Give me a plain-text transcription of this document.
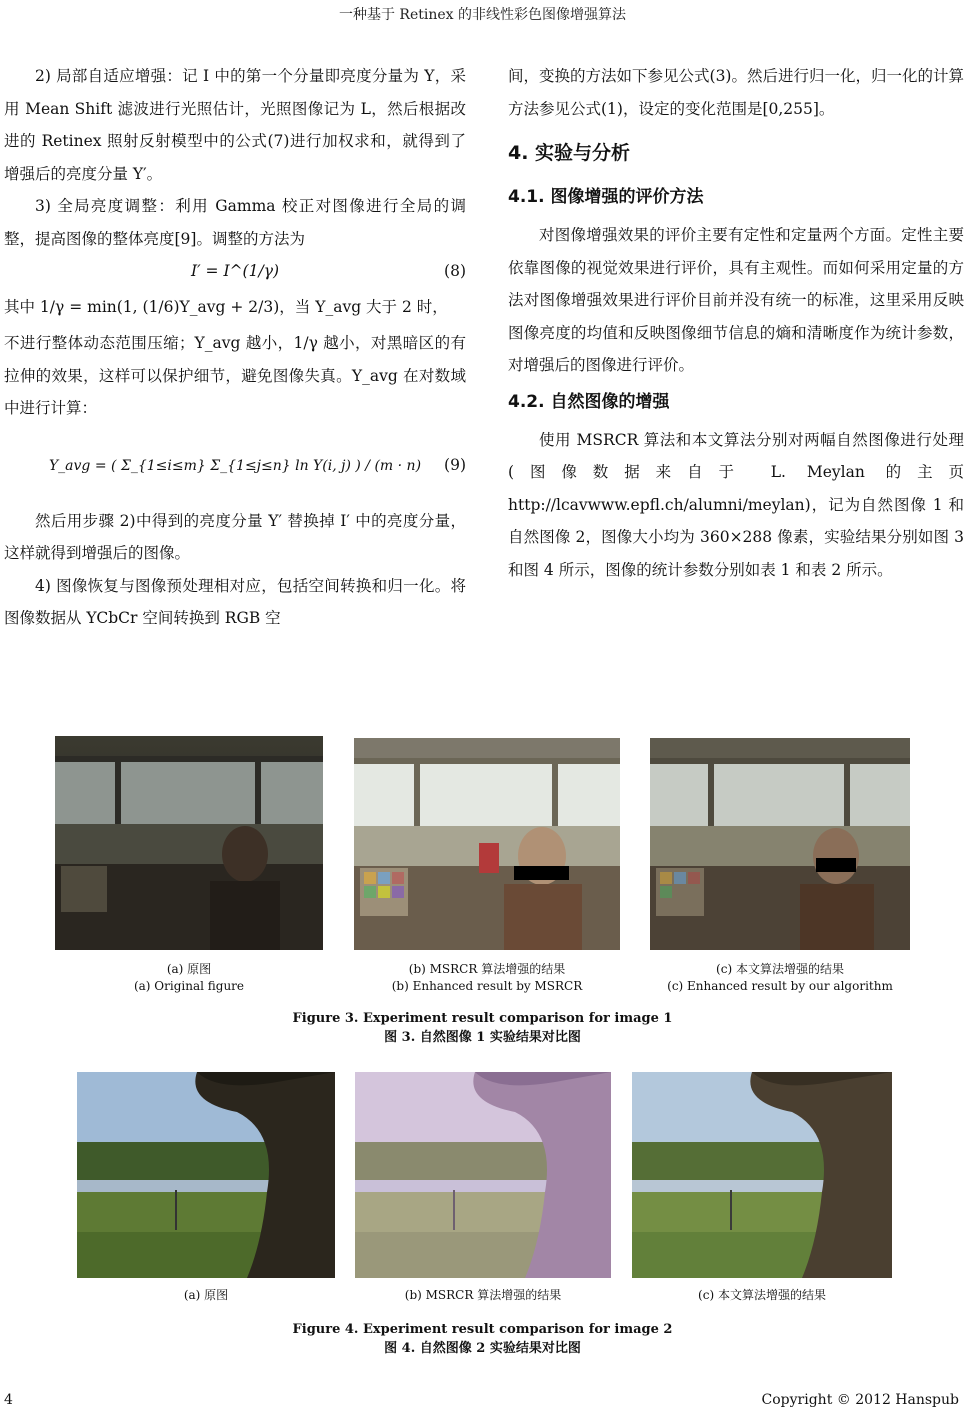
一种基于 Retinex 的非线性彩色图像增强算法

2) 局部自适应增强：记 I 中的第一个分量即亮度分量为 Y，采用 Mean Shift 滤波进行光照估计，光照图像记为 L，然后根据改进的 Retinex 照射反射模型中的公式(7)进行加权求和，就得到了增强后的亮度分量 Y′。

3) 全局亮度调整：利用 Gamma 校正对图像进行全局的调整，提高图像的整体亮度[9]。调整的方法为

I′ = I^(1/γ)	(8)

其中 1/γ = min(1, (1/6)Y_avg + 2/3)，当 Y_avg 大于 2 时，

不进行整体动态范围压缩；Y_avg 越小，1/γ 越小，对黑暗区的有拉伸的效果，这样可以保护细节，避免图像失真。Y_avg 在对数域中进行计算：

Y_avg = ( Σ_{1≤i≤m} Σ_{1≤j≤n} ln Y(i, j) ) / (m · n) (9)

然后用步骤 2)中得到的亮度分量 Y′ 替换掉 I′ 中的亮度分量，这样就得到增强后的图像。

4) 图像恢复与图像预处理相对应，包括空间转换和归一化。将图像数据从 YCbCr 空间转换到 RGB 空

间，变换的方法如下参见公式(3)。然后进行归一化，归一化的计算方法参见公式(1)，设定的变化范围是[0,255]。

4. 实验与分析
4.1. 图像增强的评价方法

对图像增强效果的评价主要有定性和定量两个方面。定性主要依靠图像的视觉效果进行评价，具有主观性。而如何采用定量的方法对图像增强效果进行评价目前并没有统一的标准，这里采用反映图像亮度的均值和反映图像细节信息的熵和清晰度作为统计参数，对增强后的图像进行评价。

4.2. 自然图像的增强

使用 MSRCR 算法和本文算法分别对两幅自然图像进行处理(图像数据来自于 L. Meylan 的主页 http://lcavwww.epfl.ch/alumni/meylan)，记为自然图像 1 和自然图像 2，图像大小均为 360×288 像素，实验结果分别如图 3 和图 4 所示，图像的统计参数分别如表 1 和表 2 所示。

(a) 原图
(a) Original figure
(b) MSRCR 算法增强的结果
(b) Enhanced result by MSRCR
(c) 本文算法增强的结果
(c) Enhanced result by our algorithm
Figure 3. Experiment result comparison for image 1
图 3. 自然图像 1 实验结果对比图
(a) 原图	(b) MSRCR 算法增强的结果	(c) 本文算法增强的结果
Figure 4. Experiment result comparison for image 2
图 4. 自然图像 2 实验结果对比图
4	Copyright © 2012 Hanspub
